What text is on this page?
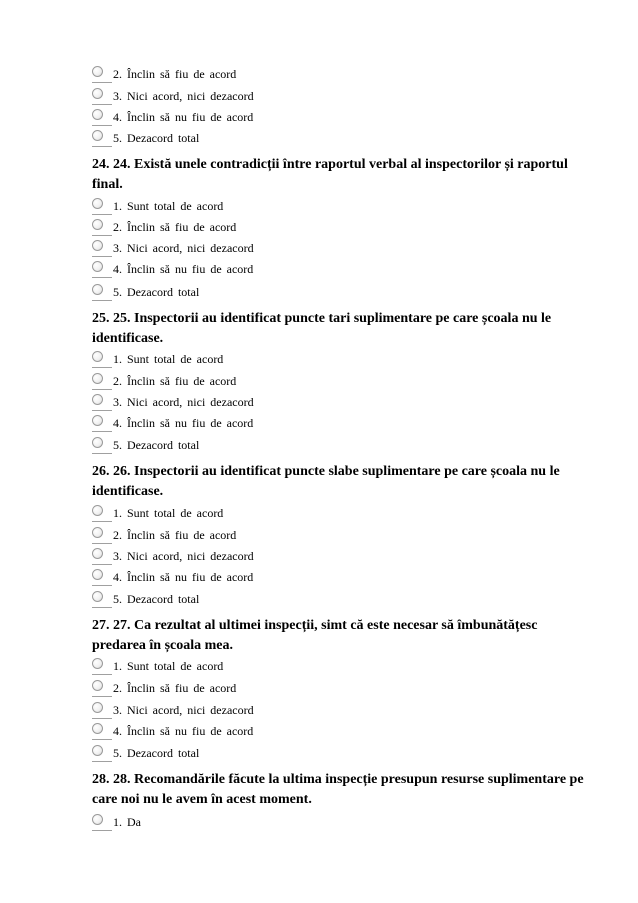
2. Înclin să fiu de acord
3. Nici acord, nici dezacord
4. Înclin să nu fiu de acord
5. Dezacord total
24. 24. Există unele contradicții între raportul verbal al inspectorilor și raportul final.
1. Sunt total de acord
2. Înclin să fiu de acord
3. Nici acord, nici dezacord
4. Înclin să nu fiu de acord
5. Dezacord total
25. 25. Inspectorii au identificat puncte tari suplimentare pe care școala nu le identificase.
1. Sunt total de acord
2. Înclin să fiu de acord
3. Nici acord, nici dezacord
4. Înclin să nu fiu de acord
5. Dezacord total
26. 26. Inspectorii au identificat puncte slabe suplimentare pe care școala nu le identificase.
1. Sunt total de acord
2. Înclin să fiu de acord
3. Nici acord, nici dezacord
4. Înclin să nu fiu de acord
5. Dezacord total
27. 27. Ca rezultat al ultimei inspecții, simt că este necesar să îmbunătățesc predarea în școala mea.
1. Sunt total de acord
2. Înclin să fiu de acord
3. Nici acord, nici dezacord
4. Înclin să nu fiu de acord
5. Dezacord total
28. 28. Recomandările făcute la ultima inspecție presupun resurse suplimentare pe care noi nu le avem în acest moment.
1. Da
